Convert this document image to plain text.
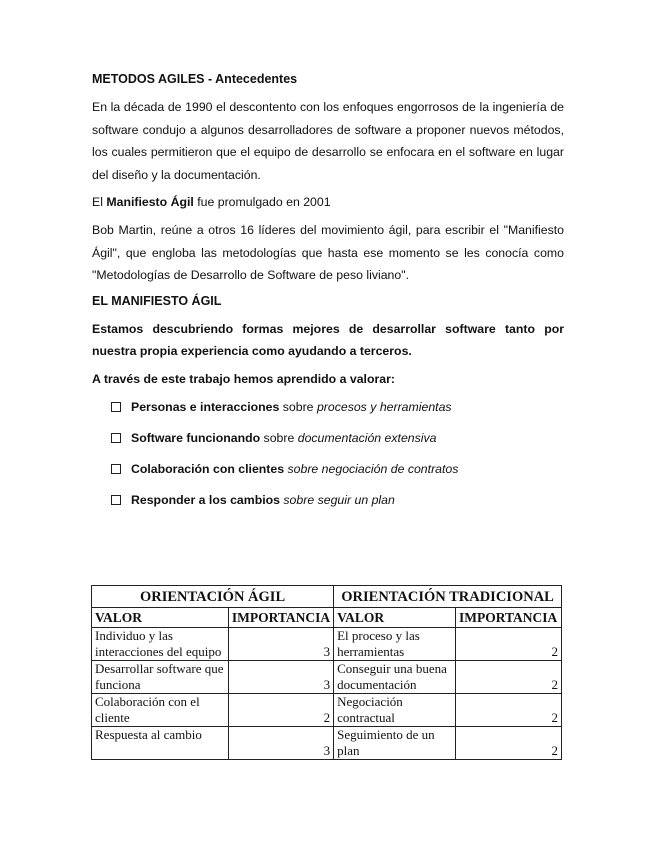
METODOS AGILES - Antecedentes

En la década de 1990 el descontento con los enfoques engorrosos de la ingeniería de software condujo a algunos desarrolladores de software a proponer nuevos métodos, los cuales permitieron que el equipo de desarrollo se enfocara en el software en lugar del diseño y la documentación.

El Manifiesto Ágil fue promulgado en 2001

Bob Martin, reúne a otros 16 líderes del movimiento ágil, para escribir el "Manifiesto Ágil", que engloba las metodologías que hasta ese momento se les conocía como "Metodologías de Desarrollo de Software de peso liviano".

EL MANIFIESTO ÁGIL

Estamos descubriendo formas mejores de desarrollar software tanto por nuestra propia experiencia como ayudando a terceros.

A través de este trabajo hemos aprendido a valorar:

Personas e interacciones sobre procesos y herramientas
Software funcionando sobre documentación extensiva
Colaboración con clientes sobre negociación de contratos
Responder a los cambios sobre seguir un plan
ORIENTACIÓN ÁGIL		ORIENTACIÓN TRADICIONAL	
VALOR	IMPORTANCIA	VALOR	IMPORTANCIA
Individuo y las interacciones del equipo	3	El proceso y las herramientas	2
Desarrollar software que funciona	3	Conseguir una buena documentación	2
Colaboración con el cliente	2	Negociación contractual	2
Respuesta al cambio	3	Seguimiento de un plan	2
